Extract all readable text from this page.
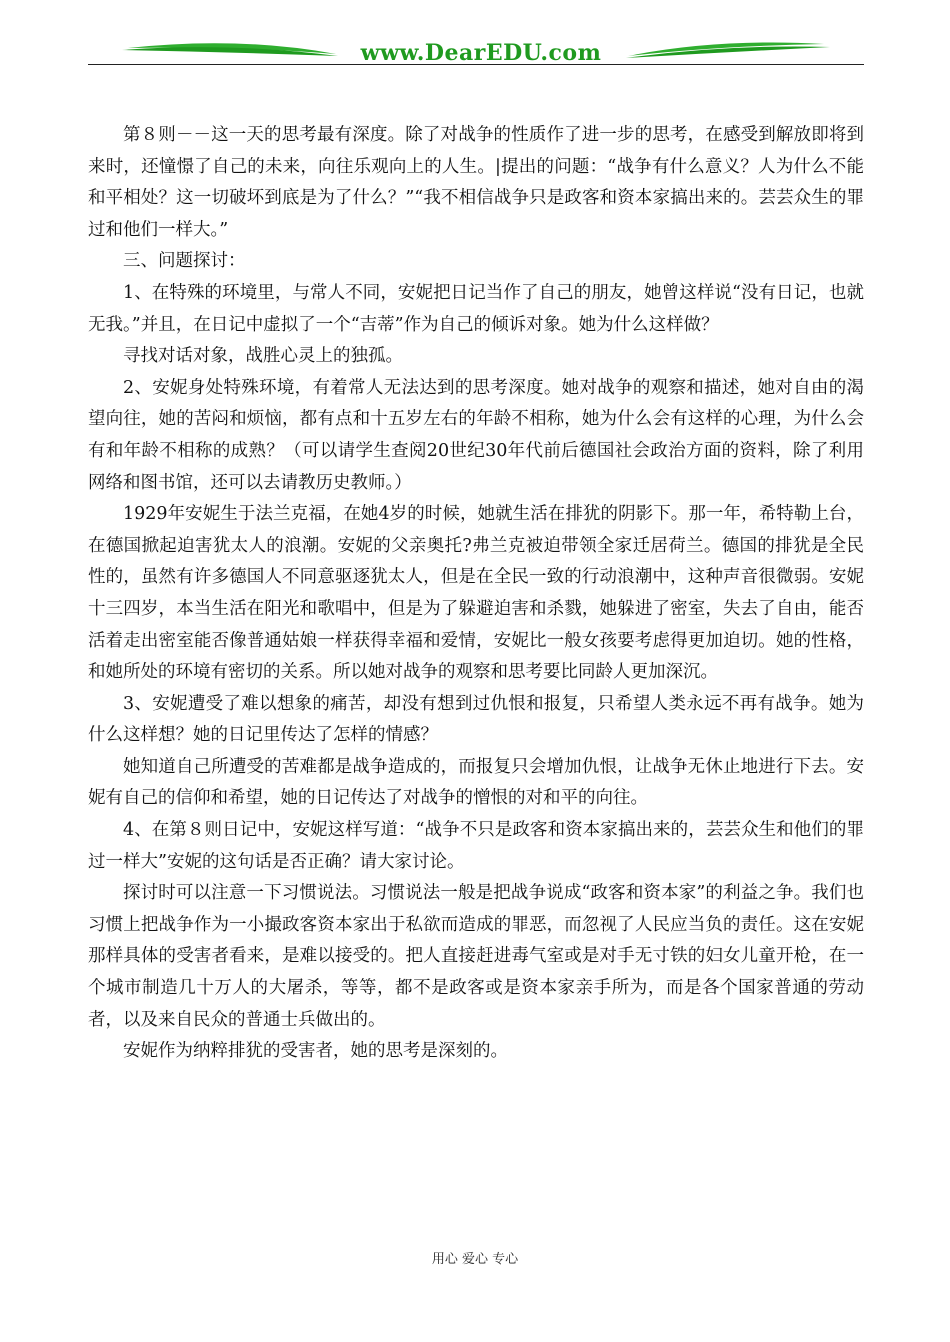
www.DearEDU.com

第８则－－这一天的思考最有深度。除了对战争的性质作了进一步的思考，在感受到解放即将到来时，还憧憬了自己的未来，向往乐观向上的人生。|提出的问题：“战争有什么意义？人为什么不能和平相处？这一切破坏到底是为了什么？”“我不相信战争只是政客和资本家搞出来的。芸芸众生的罪过和他们一样大。”

三、问题探讨：

1、在特殊的环境里，与常人不同，安妮把日记当作了自己的朋友，她曾这样说“没有日记，也就无我。”并且，在日记中虚拟了一个“吉蒂”作为自己的倾诉对象。她为什么这样做？

寻找对话对象，战胜心灵上的独孤。

2、安妮身处特殊环境，有着常人无法达到的思考深度。她对战争的观察和描述，她对自由的渴望向往，她的苦闷和烦恼，都有点和十五岁左右的年龄不相称，她为什么会有这样的心理，为什么会有和年龄不相称的成熟？（可以请学生查阅20世纪30年代前后德国社会政治方面的资料，除了利用网络和图书馆，还可以去请教历史教师。）

1929年安妮生于法兰克福，在她4岁的时候，她就生活在排犹的阴影下。那一年，希特勒上台，在德国掀起迫害犹太人的浪潮。安妮的父亲奥托?弗兰克被迫带领全家迁居荷兰。德国的排犹是全民性的，虽然有许多德国人不同意驱逐犹太人，但是在全民一致的行动浪潮中，这种声音很微弱。安妮十三四岁，本当生活在阳光和歌唱中，但是为了躲避迫害和杀戮，她躲进了密室，失去了自由，能否活着走出密室能否像普通姑娘一样获得幸福和爱情，安妮比一般女孩要考虑得更加迫切。她的性格，和她所处的环境有密切的关系。所以她对战争的观察和思考要比同龄人更加深沉。

3、安妮遭受了难以想象的痛苦，却没有想到过仇恨和报复，只希望人类永远不再有战争。她为什么这样想？她的日记里传达了怎样的情感？

她知道自己所遭受的苦难都是战争造成的，而报复只会增加仇恨，让战争无休止地进行下去。安妮有自己的信仰和希望，她的日记传达了对战争的憎恨的对和平的向往。

4、在第８则日记中，安妮这样写道：“战争不只是政客和资本家搞出来的，芸芸众生和他们的罪过一样大”安妮的这句话是否正确？请大家讨论。

探讨时可以注意一下习惯说法。习惯说法一般是把战争说成“政客和资本家”的利益之争。我们也习惯上把战争作为一小撮政客资本家出于私欲而造成的罪恶，而忽视了人民应当负的责任。这在安妮那样具体的受害者看来，是难以接受的。把人直接赶进毒气室或是对手无寸铁的妇女儿童开枪，在一个城市制造几十万人的大屠杀，等等，都不是政客或是资本家亲手所为，而是各个国家普通的劳动者，以及来自民众的普通士兵做出的。

安妮作为纳粹排犹的受害者，她的思考是深刻的。

用心 爱心 专心
